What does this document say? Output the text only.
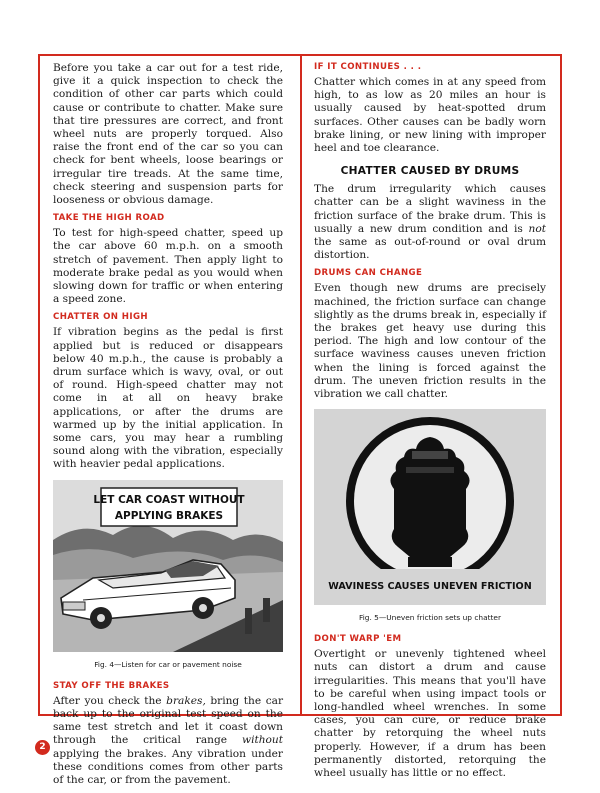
Before you take a car out for a test ride, give it a quick inspection to check the condition of other car parts which could cause or contribute to chatter. Make sure that tire pressures are correct, and front wheel nuts are properly torqued. Also raise the front end of the car so you can check for bent wheels, loose bearings or irregular tire treads. At the same time, check steering and suspension parts for looseness or obvious damage.

TAKE THE HIGH ROAD

To test for high-speed chatter, speed up the car above 60 m.p.h. on a smooth stretch of pavement. Then apply light to moderate brake pedal as you would when slowing down for traffic or when entering a speed zone.

CHATTER ON HIGH

If vibration begins as the pedal is first applied but is reduced or disappears below 40 m.p.h., the cause is probably a drum surface which is wavy, oval, or out of round. High-speed chatter may not come in at all on heavy brake applications, or after the drums are warmed up by the initial application. In some cars, you may hear a rumbling sound along with the vibration, especially with heavier pedal applications.

LET CAR COAST WITHOUT
APPLYING BRAKES
Fig. 4—Listen for car or pavement noise
STAY OFF THE BRAKES

After you check the brakes, bring the car back up to the original test speed on the same test stretch and let it coast down through the critical range without applying the brakes. Any vibration under these conditions comes from other parts of the car, or from the pavement.

IF IT CONTINUES . . .

Chatter which comes in at any speed from high, to as low as 20 miles an hour is usually caused by heat-spotted drum surfaces. Other causes can be badly worn brake lining, or new lining with improper heel and toe clearance.

CHATTER CAUSED BY DRUMS

The drum irregularity which causes chatter can be a slight waviness in the friction surface of the brake drum. This is usually a new drum condition and is not the same as out-of-round or oval drum distortion.

DRUMS CAN CHANGE

Even though new drums are precisely machined, the friction surface can change slightly as the drums break in, especially if the brakes get heavy use during this period. The high and low contour of the surface waviness causes uneven friction when the lining is forced against the drum. The uneven friction results in the vibration we call chatter.

WAVINESS CAUSES UNEVEN FRICTION
Fig. 5—Uneven friction sets up chatter
DON'T WARP 'EM

Overtight or unevenly tightened wheel nuts can distort a drum and cause irregularities. This means that you'll have to be careful when using impact tools or long-handled wheel wrenches. In some cases, you can cure, or reduce brake chatter by retorquing the wheel nuts properly. However, if a drum has been permanently distorted, retorquing the wheel usually has little or no effect.

2
